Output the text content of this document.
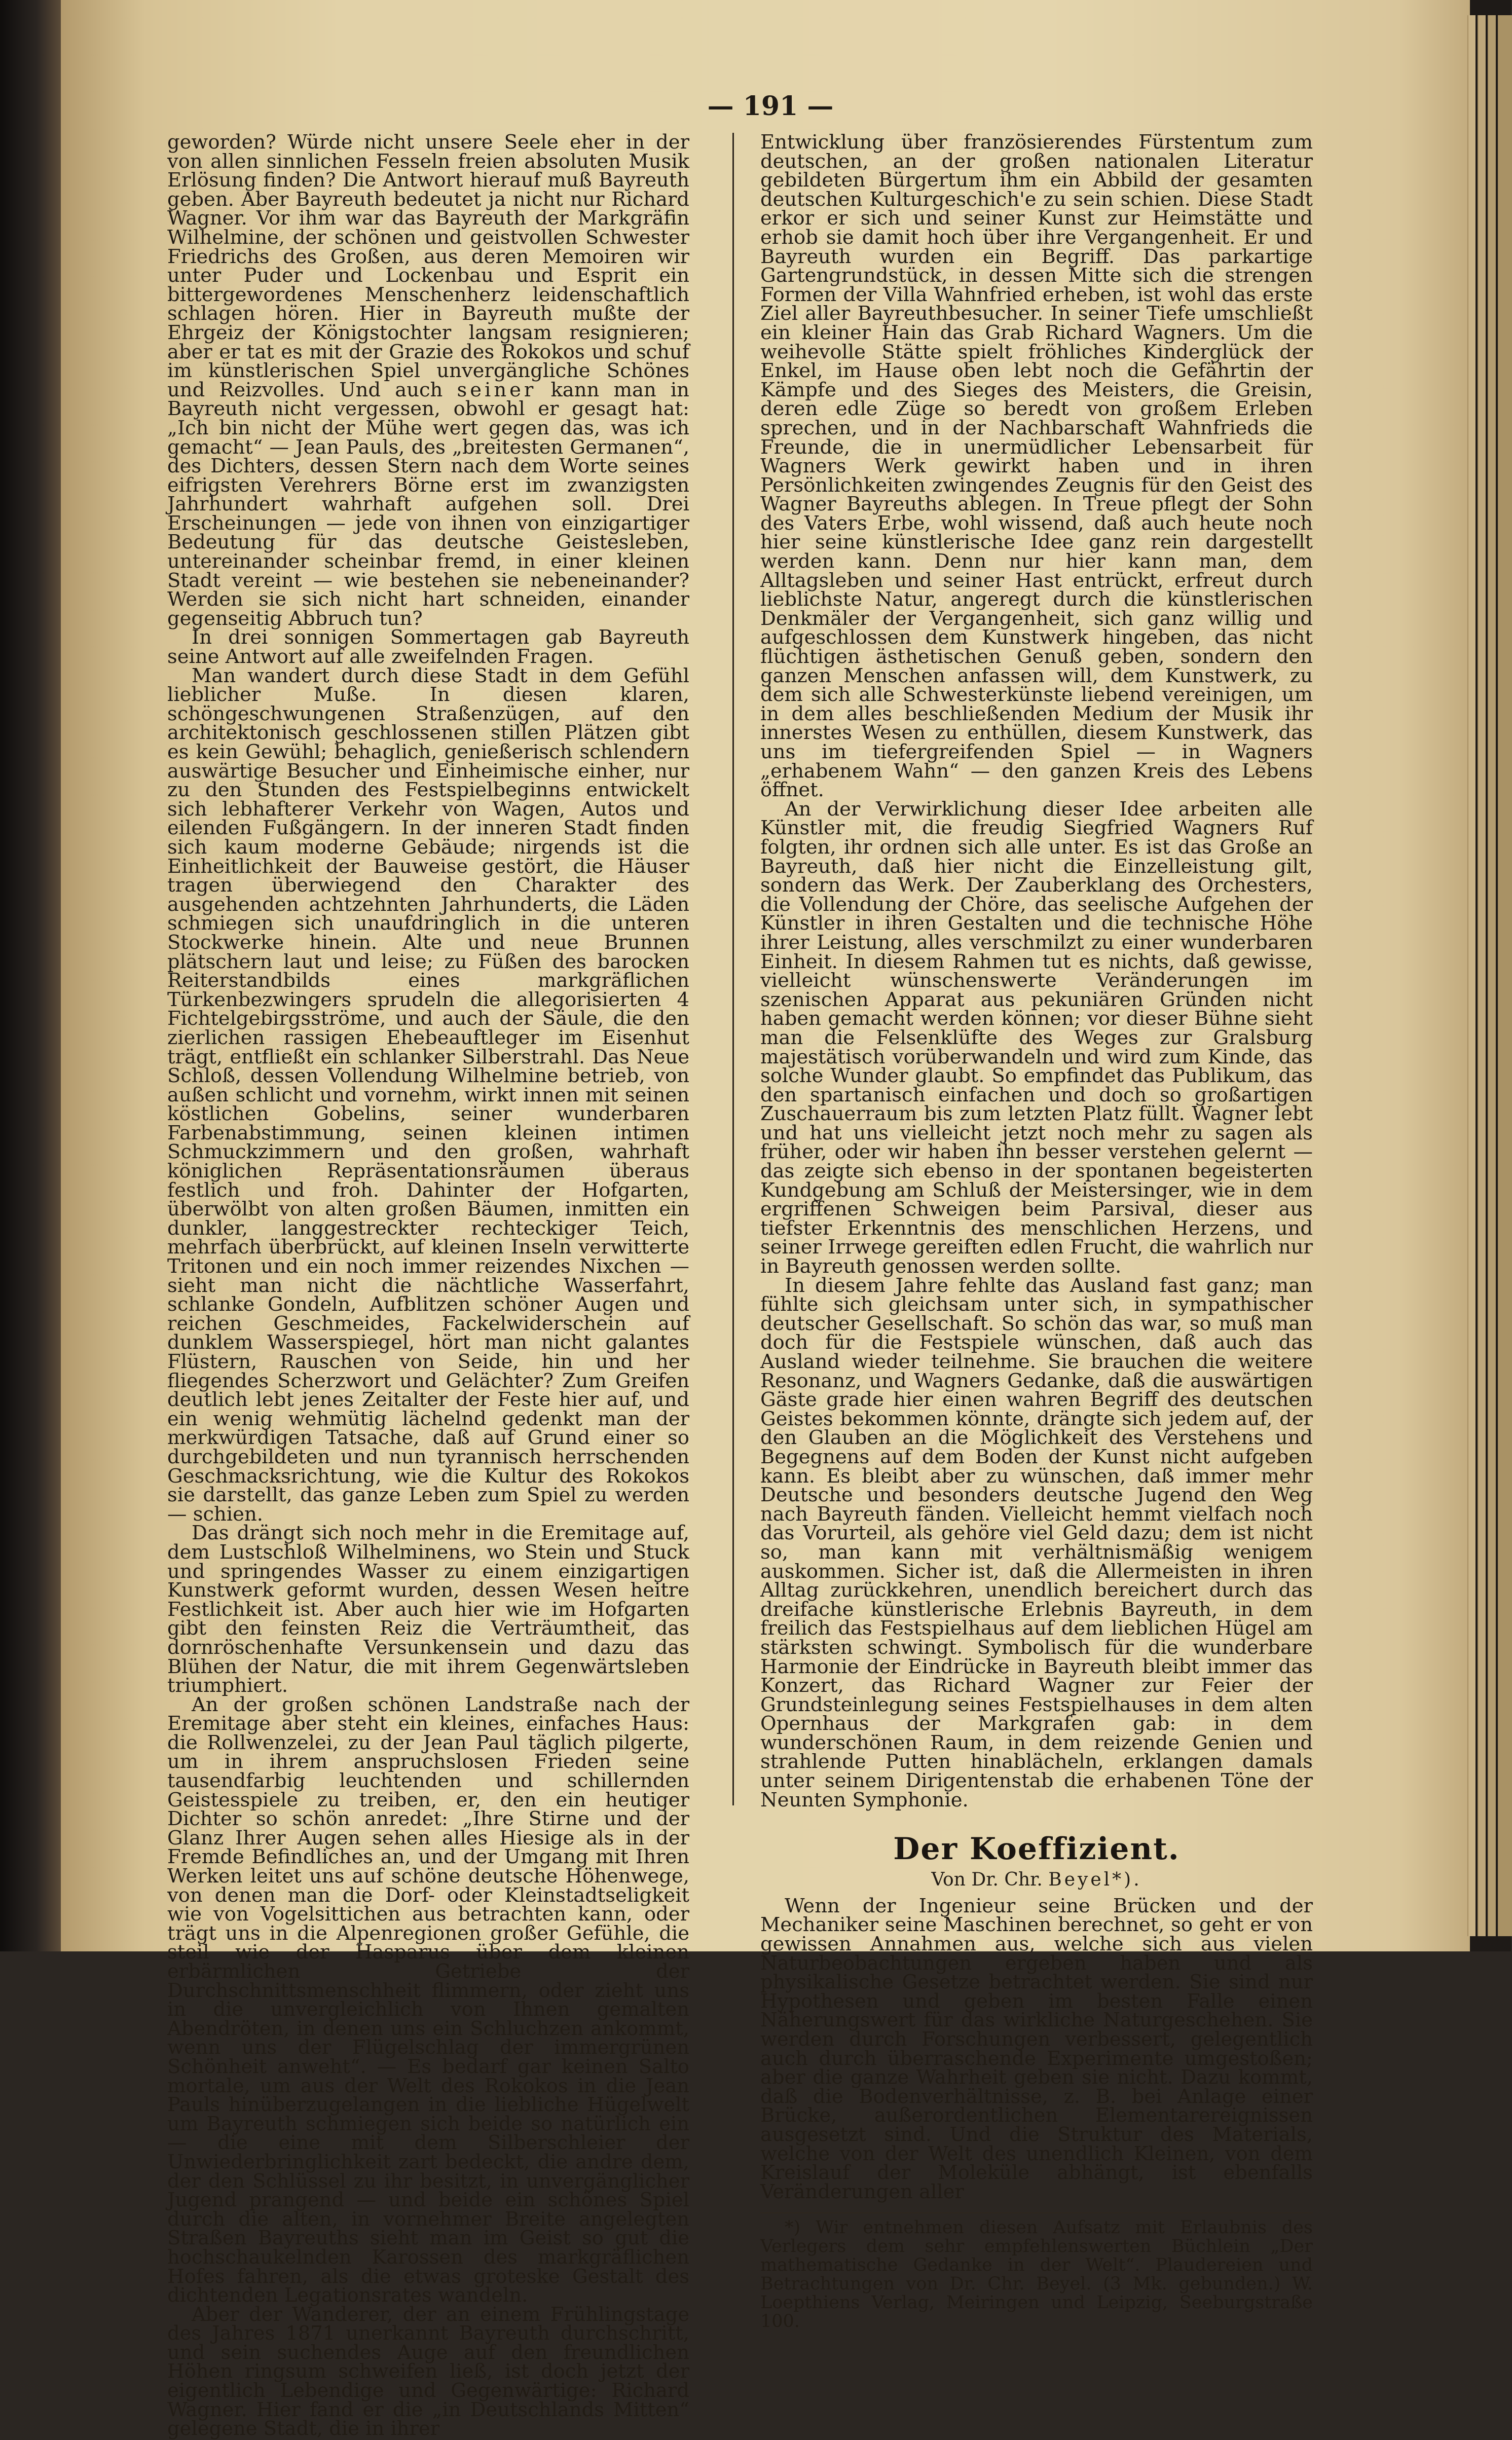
— 191 —

geworden? Würde nicht unsere Seele eher in der von allen sinnlichen Fesseln freien absoluten Musik Erlösung finden? Die Antwort hierauf muß Bayreuth geben. Aber Bayreuth bedeutet ja nicht nur Richard Wagner. Vor ihm war das Bayreuth der Markgräfin Wilhelmine, der schönen und geistvollen Schwester Friedrichs des Großen, aus deren Memoiren wir unter Puder und Lockenbau und Esprit ein bittergewordenes Menschenherz leidenschaftlich schlagen hören. Hier in Bayreuth mußte der Ehrgeiz der Königstochter langsam resignieren; aber er tat es mit der Grazie des Rokokos und schuf im künstlerischen Spiel unvergängliche Schönes und Reizvolles. Und auch seiner kann man in Bayreuth nicht vergessen, obwohl er gesagt hat: „Ich bin nicht der Mühe wert gegen das, was ich gemacht“ — Jean Pauls, des „breitesten Germanen“, des Dichters, dessen Stern nach dem Worte seines eifrigsten Verehrers Börne erst im zwanzigsten Jahrhundert wahrhaft aufgehen soll. Drei Erscheinungen — jede von ihnen von einzigartiger Bedeutung für das deutsche Geistesleben, untereinander scheinbar fremd, in einer kleinen Stadt vereint — wie bestehen sie nebeneinander? Werden sie sich nicht hart schneiden, einander gegenseitig Abbruch tun?

In drei sonnigen Sommertagen gab Bayreuth seine Antwort auf alle zweifelnden Fragen.

Man wandert durch diese Stadt in dem Gefühl lieblicher Muße. In diesen klaren, schöngeschwungenen Straßenzügen, auf den architektonisch geschlossenen stillen Plätzen gibt es kein Gewühl; behaglich, genießerisch schlendern auswärtige Besucher und Einheimische einher, nur zu den Stunden des Festspielbeginns entwickelt sich lebhafterer Verkehr von Wagen, Autos und eilenden Fußgängern. In der inneren Stadt finden sich kaum moderne Gebäude; nirgends ist die Einheitlichkeit der Bauweise gestört, die Häuser tragen überwiegend den Charakter des ausgehenden achtzehnten Jahrhunderts, die Läden schmiegen sich unaufdringlich in die unteren Stockwerke hinein. Alte und neue Brunnen plätschern laut und leise; zu Füßen des barocken Reiterstandbilds eines markgräflichen Türkenbezwingers sprudeln die allegorisierten 4 Fichtelgebirgsströme, und auch der Säule, die den zierlichen rassigen Ehebeauftleger im Eisenhut trägt, entfließt ein schlanker Silberstrahl. Das Neue Schloß, dessen Vollendung Wilhelmine betrieb, von außen schlicht und vornehm, wirkt innen mit seinen köstlichen Gobelins, seiner wunderbaren Farbenabstimmung, seinen kleinen intimen Schmuckzimmern und den großen, wahrhaft königlichen Repräsentationsräumen überaus festlich und froh. Dahinter der Hofgarten, überwölbt von alten großen Bäumen, inmitten ein dunkler, langgestreckter rechteckiger Teich, mehrfach überbrückt, auf kleinen Inseln verwitterte Tritonen und ein noch immer reizendes Nixchen — sieht man nicht die nächtliche Wasserfahrt, schlanke Gondeln, Aufblitzen schöner Augen und reichen Geschmeides, Fackelwiderschein auf dunklem Wasserspiegel, hört man nicht galantes Flüstern, Rauschen von Seide, hin und her fliegendes Scherzwort und Gelächter? Zum Greifen deutlich lebt jenes Zeitalter der Feste hier auf, und ein wenig wehmütig lächelnd gedenkt man der merkwürdigen Tatsache, daß auf Grund einer so durchgebildeten und nun tyrannisch herrschenden Geschmacksrichtung, wie die Kultur des Rokokos sie darstellt, das ganze Leben zum Spiel zu werden — schien.

Das drängt sich noch mehr in die Eremitage auf, dem Lustschloß Wilhelminens, wo Stein und Stuck und springendes Wasser zu einem einzigartigen Kunstwerk geformt wurden, dessen Wesen heitre Festlichkeit ist. Aber auch hier wie im Hofgarten gibt den feinsten Reiz die Verträumtheit, das dornröschenhafte Versunkensein und dazu das Blühen der Natur, die mit ihrem Gegenwärtsleben triumphiert.

An der großen schönen Landstraße nach der Eremitage aber steht ein kleines, einfaches Haus: die Rollwenzelei, zu der Jean Paul täglich pilgerte, um in ihrem anspruchslosen Frieden seine tausendfarbig leuchtenden und schillernden Geistesspiele zu treiben, er, den ein heutiger Dichter so schön anredet: „Ihre Stirne und der Glanz Ihrer Augen sehen alles Hiesige als in der Fremde Befindliches an, und der Umgang mit Ihren Werken leitet uns auf schöne deutsche Höhenwege, von denen man die Dorf- oder Kleinstadtseligkeit wie von Vogelsittichen aus betrachten kann, oder trägt uns in die Alpenregionen großer Gefühle, die steil wie der Hasparus über dem kleinen erbärmlichen Getriebe der Durchschnittsmenschheit flimmern, oder zieht uns in die unvergleichlich von Ihnen gemalten Abendröten, in denen uns ein Schluchzen ankommt, wenn uns der Flügelschlag der immergrünen Schönheit anweht“. — Es bedarf gar keinen Salto mortale, um aus der Welt des Rokokos in die Jean Pauls hinüberzugelangen in die liebliche Hügelwelt um Bayreuth schmiegen sich beide so natürlich ein — die eine mit dem Silberschleier der Unwiederbringlichkeit zart bedeckt, die andre dem, der den Schlüssel zu ihr besitzt, in unvergänglicher Jugend prangend — und beide ein schönes Spiel durch die alten, in vornehmer Breite angelegten Straßen Bayreuths sieht man im Geist so gut die hochschaukelnden Karossen des markgräflichen Hofes fahren, als die etwas groteske Gestalt des dichtenden Legationsrates wandeln.

Aber der Wanderer, der an einem Frühlingstage des Jahres 1871 unerkannt Bayreuth durchschritt, und sein suchendes Auge auf den freundlichen Höhen ringsum schweifen ließ, ist doch jetzt der eigentlich Lebendige und Gegenwärtige: Richard Wagner. Hier fand er die „in Deutschlands Mitten“ gelegene Stadt, die in ihrer

Entwicklung über französierendes Fürstentum zum deutschen, an der großen nationalen Literatur gebildeten Bürgertum ihm ein Abbild der gesamten deutschen Kulturgeschich'e zu sein schien. Diese Stadt erkor er sich und seiner Kunst zur Heimstätte und erhob sie damit hoch über ihre Vergangenheit. Er und Bayreuth wurden ein Begriff. Das parkartige Gartengrundstück, in dessen Mitte sich die strengen Formen der Villa Wahnfried erheben, ist wohl das erste Ziel aller Bayreuthbesucher. In seiner Tiefe umschließt ein kleiner Hain das Grab Richard Wagners. Um die weihevolle Stätte spielt fröhliches Kinderglück der Enkel, im Hause oben lebt noch die Gefährtin der Kämpfe und des Sieges des Meisters, die Greisin, deren edle Züge so beredt von großem Erleben sprechen, und in der Nachbarschaft Wahnfrieds die Freunde, die in unermüdlicher Lebensarbeit für Wagners Werk gewirkt haben und in ihren Persönlichkeiten zwingendes Zeugnis für den Geist des Wagner Bayreuths ablegen. In Treue pflegt der Sohn des Vaters Erbe, wohl wissend, daß auch heute noch hier seine künstlerische Idee ganz rein dargestellt werden kann. Denn nur hier kann man, dem Alltagsleben und seiner Hast entrückt, erfreut durch lieblichste Natur, angeregt durch die künstlerischen Denkmäler der Vergangenheit, sich ganz willig und aufgeschlossen dem Kunstwerk hingeben, das nicht flüchtigen ästhetischen Genuß geben, sondern den ganzen Menschen anfassen will, dem Kunstwerk, zu dem sich alle Schwesterkünste liebend vereinigen, um in dem alles beschließenden Medium der Musik ihr innerstes Wesen zu enthüllen, diesem Kunstwerk, das uns im tiefergreifenden Spiel — in Wagners „erhabenem Wahn“ — den ganzen Kreis des Lebens öffnet.

An der Verwirklichung dieser Idee arbeiten alle Künstler mit, die freudig Siegfried Wagners Ruf folgten, ihr ordnen sich alle unter. Es ist das Große an Bayreuth, daß hier nicht die Einzelleistung gilt, sondern das Werk. Der Zauberklang des Orchesters, die Vollendung der Chöre, das seelische Aufgehen der Künstler in ihren Gestalten und die technische Höhe ihrer Leistung, alles verschmilzt zu einer wunderbaren Einheit. In diesem Rahmen tut es nichts, daß gewisse, vielleicht wünschenswerte Veränderungen im szenischen Apparat aus pekuniären Gründen nicht haben gemacht werden können; vor dieser Bühne sieht man die Felsenklüfte des Weges zur Gralsburg majestätisch vorüberwandeln und wird zum Kinde, das solche Wunder glaubt. So empfindet das Publikum, das den spartanisch einfachen und doch so großartigen Zuschauerraum bis zum letzten Platz füllt. Wagner lebt und hat uns vielleicht jetzt noch mehr zu sagen als früher, oder wir haben ihn besser verstehen gelernt — das zeigte sich ebenso in der spontanen begeisterten Kundgebung am Schluß der Meistersinger, wie in dem ergriffenen Schweigen beim Parsival, dieser aus tiefster Erkenntnis des menschlichen Herzens, und seiner Irrwege gereiften edlen Frucht, die wahrlich nur in Bayreuth genossen werden sollte.

In diesem Jahre fehlte das Ausland fast ganz; man fühlte sich gleichsam unter sich, in sympathischer deutscher Gesellschaft. So schön das war, so muß man doch für die Festspiele wünschen, daß auch das Ausland wieder teilnehme. Sie brauchen die weitere Resonanz, und Wagners Gedanke, daß die auswärtigen Gäste grade hier einen wahren Begriff des deutschen Geistes bekommen könnte, drängte sich jedem auf, der den Glauben an die Möglichkeit des Verstehens und Begegnens auf dem Boden der Kunst nicht aufgeben kann. Es bleibt aber zu wünschen, daß immer mehr Deutsche und besonders deutsche Jugend den Weg nach Bayreuth fänden. Vielleicht hemmt vielfach noch das Vorurteil, als gehöre viel Geld dazu; dem ist nicht so, man kann mit verhältnismäßig wenigem auskommen. Sicher ist, daß die Allermeisten in ihren Alltag zurückkehren, unendlich bereichert durch das dreifache künstlerische Erlebnis Bayreuth, in dem freilich das Festspielhaus auf dem lieblichen Hügel am stärksten schwingt. Symbolisch für die wunderbare Harmonie der Eindrücke in Bayreuth bleibt immer das Konzert, das Richard Wagner zur Feier der Grundsteinlegung seines Festspielhauses in dem alten Opernhaus der Markgrafen gab: in dem wunderschönen Raum, in dem reizende Genien und strahlende Putten hinablächeln, erklangen damals unter seinem Dirigentenstab die erhabenen Töne der Neunten Symphonie.

Der Koeffizient.
Von Dr. Chr. Beyel*).

Wenn der Ingenieur seine Brücken und der Mechaniker seine Maschinen berechnet, so geht er von gewissen Annahmen aus, welche sich aus vielen Naturbeobachtungen ergeben haben und als physikalische Gesetze betrachtet werden. Sie sind nur Hypothesen und geben im besten Falle einen Näherungswert für das wirkliche Naturgeschehen. Sie werden durch Forschungen verbessert, gelegentlich auch durch überraschende Experimente umgestoßen; aber die ganze Wahrheit geben sie nicht. Dazu kommt, daß die Bodenverhältnisse, z. B. bei Anlage einer Brücke, außerordentlichen Elementarereignissen ausgesetzt sind. Und die Struktur des Materials, welche von der Welt des unendlich Kleinen, von dem Kreislauf der Moleküle abhängt, ist ebenfalls Veränderungen aller

*) Wir entnehmen diesen Aufsatz mit Erlaubnis des Verlegers dem sehr empfehlenswerten Büchlein „Der mathematische Gedanke in der Welt“. Plaudereien und Betrachtungen von Dr. Chr. Beyel. (3 Mk. gebunden.) W. Loepthiens Verlag, Meiringen und Leipzig, Seeburgstraße 100.
